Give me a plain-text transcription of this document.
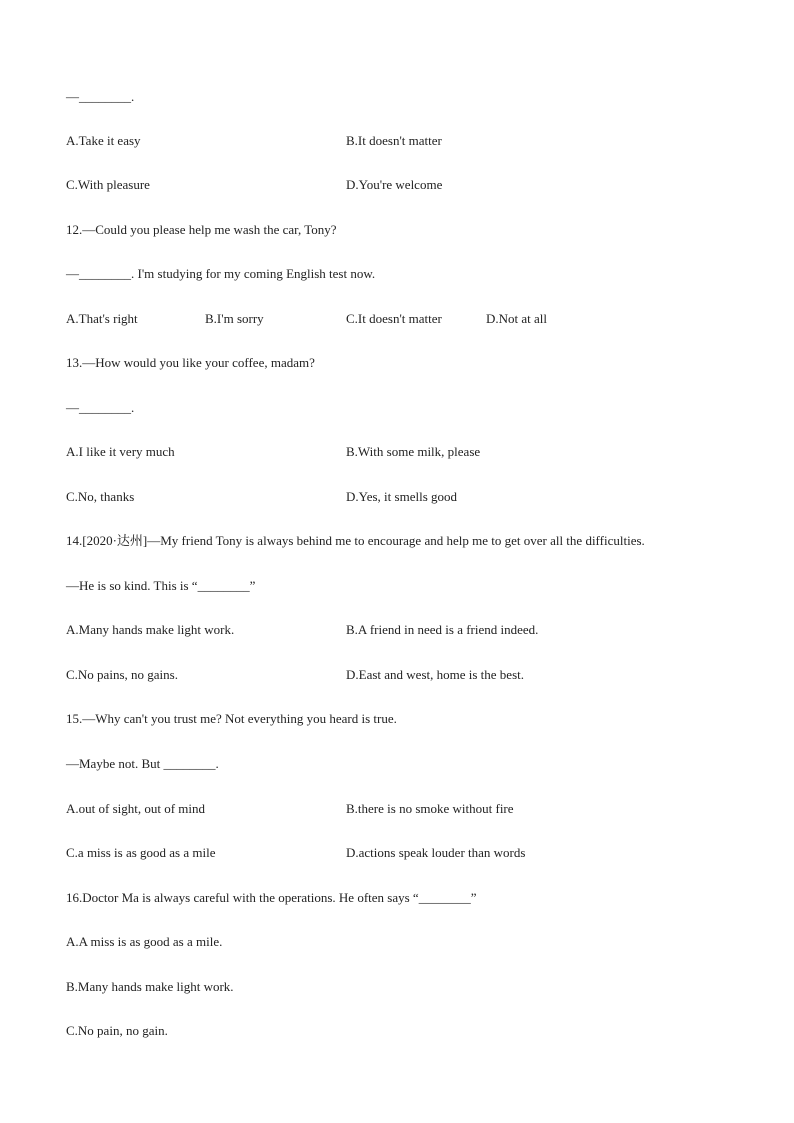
—________.
A.Take it easy	B.It doesn't matter
C.With pleasure	D.You're welcome
12.—Could you please help me wash the car, Tony?
—________. I'm studying for my coming English test now.
A.That's right	B.I'm sorry	C.It doesn't matter	D.Not at all
13.—How would you like your coffee, madam?
—________.
A.I like it very much	B.With some milk, please
C.No, thanks	D.Yes, it smells good
14.[2020·达州]—My friend Tony is always behind me to encourage and help me to get over all the difficulties.
—He is so kind. This is “________”
A.Many hands make light work.	B.A friend in need is a friend indeed.
C.No pains, no gains.	D.East and west, home is the best.
15.—Why can't you trust me? Not everything you heard is true.
—Maybe not. But ________.
A.out of sight, out of mind	B.there is no smoke without fire
C.a miss is as good as a mile	D.actions speak louder than words
16.Doctor Ma is always careful with the operations. He often says “________”
A.A miss is as good as a mile.
B.Many hands make light work.
C.No pain, no gain.
